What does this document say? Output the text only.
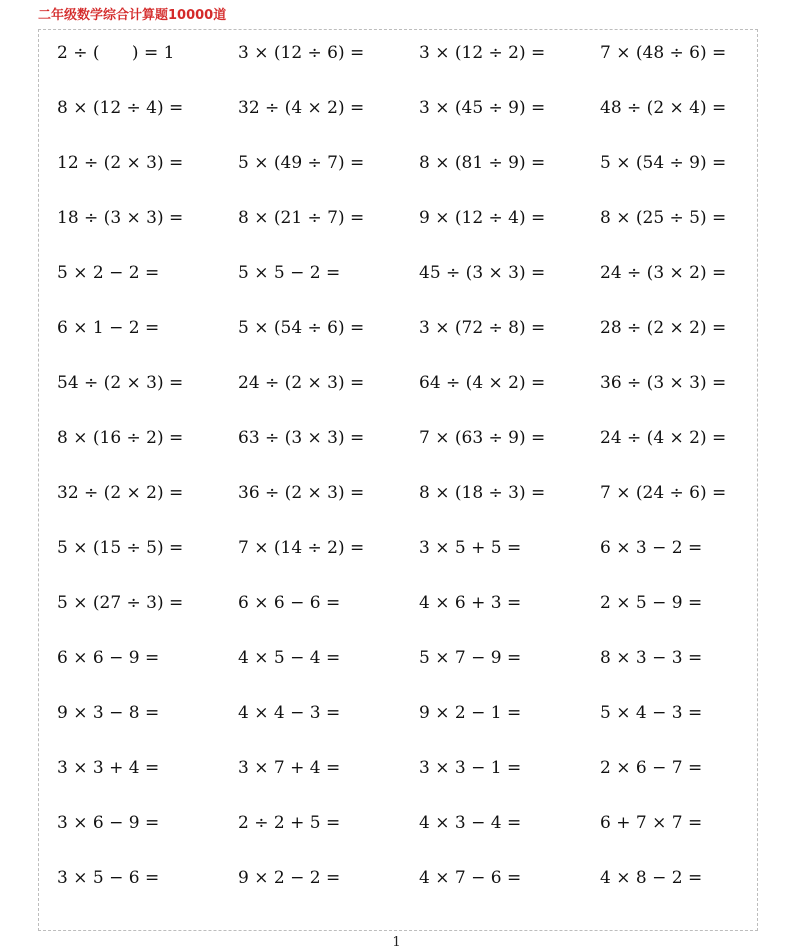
二年级数学综合计算题10000道
2 ÷ (      ) = 1	3 × (12 ÷ 6) =	3 × (12 ÷ 2) =	7 × (48 ÷ 6) =
8 × (12 ÷ 4) =	32 ÷ (4 × 2) =	3 × (45 ÷ 9) =	48 ÷ (2 × 4) =
12 ÷ (2 × 3) =	5 × (49 ÷ 7) =	8 × (81 ÷ 9) =	5 × (54 ÷ 9) =
18 ÷ (3 × 3) =	8 × (21 ÷ 7) =	9 × (12 ÷ 4) =	8 × (25 ÷ 5) =
5 × 2 − 2 =	5 × 5 − 2 =	45 ÷ (3 × 3) =	24 ÷ (3 × 2) =
6 × 1 − 2 =	5 × (54 ÷ 6) =	3 × (72 ÷ 8) =	28 ÷ (2 × 2) =
54 ÷ (2 × 3) =	24 ÷ (2 × 3) =	64 ÷ (4 × 2) =	36 ÷ (3 × 3) =
8 × (16 ÷ 2) =	63 ÷ (3 × 3) =	7 × (63 ÷ 9) =	24 ÷ (4 × 2) =
32 ÷ (2 × 2) =	36 ÷ (2 × 3) =	8 × (18 ÷ 3) =	7 × (24 ÷ 6) =
5 × (15 ÷ 5) =	7 × (14 ÷ 2) =	3 × 5 + 5 =	6 × 3 − 2 =
5 × (27 ÷ 3) =	6 × 6 − 6 =	4 × 6 + 3 =	2 × 5 − 9 =
6 × 6 − 9 =	4 × 5 − 4 =	5 × 7 − 9 =	8 × 3 − 3 =
9 × 3 − 8 =	4 × 4 − 3 =	9 × 2 − 1 =	5 × 4 − 3 =
3 × 3 + 4 =	3 × 7 + 4 =	3 × 3 − 1 =	2 × 6 − 7 =
3 × 6 − 9 =	2 ÷ 2 + 5 =	4 × 3 − 4 =	6 + 7 × 7 =
3 × 5 − 6 =	9 × 2 − 2 =	4 × 7 − 6 =	4 × 8 − 2 =
1
